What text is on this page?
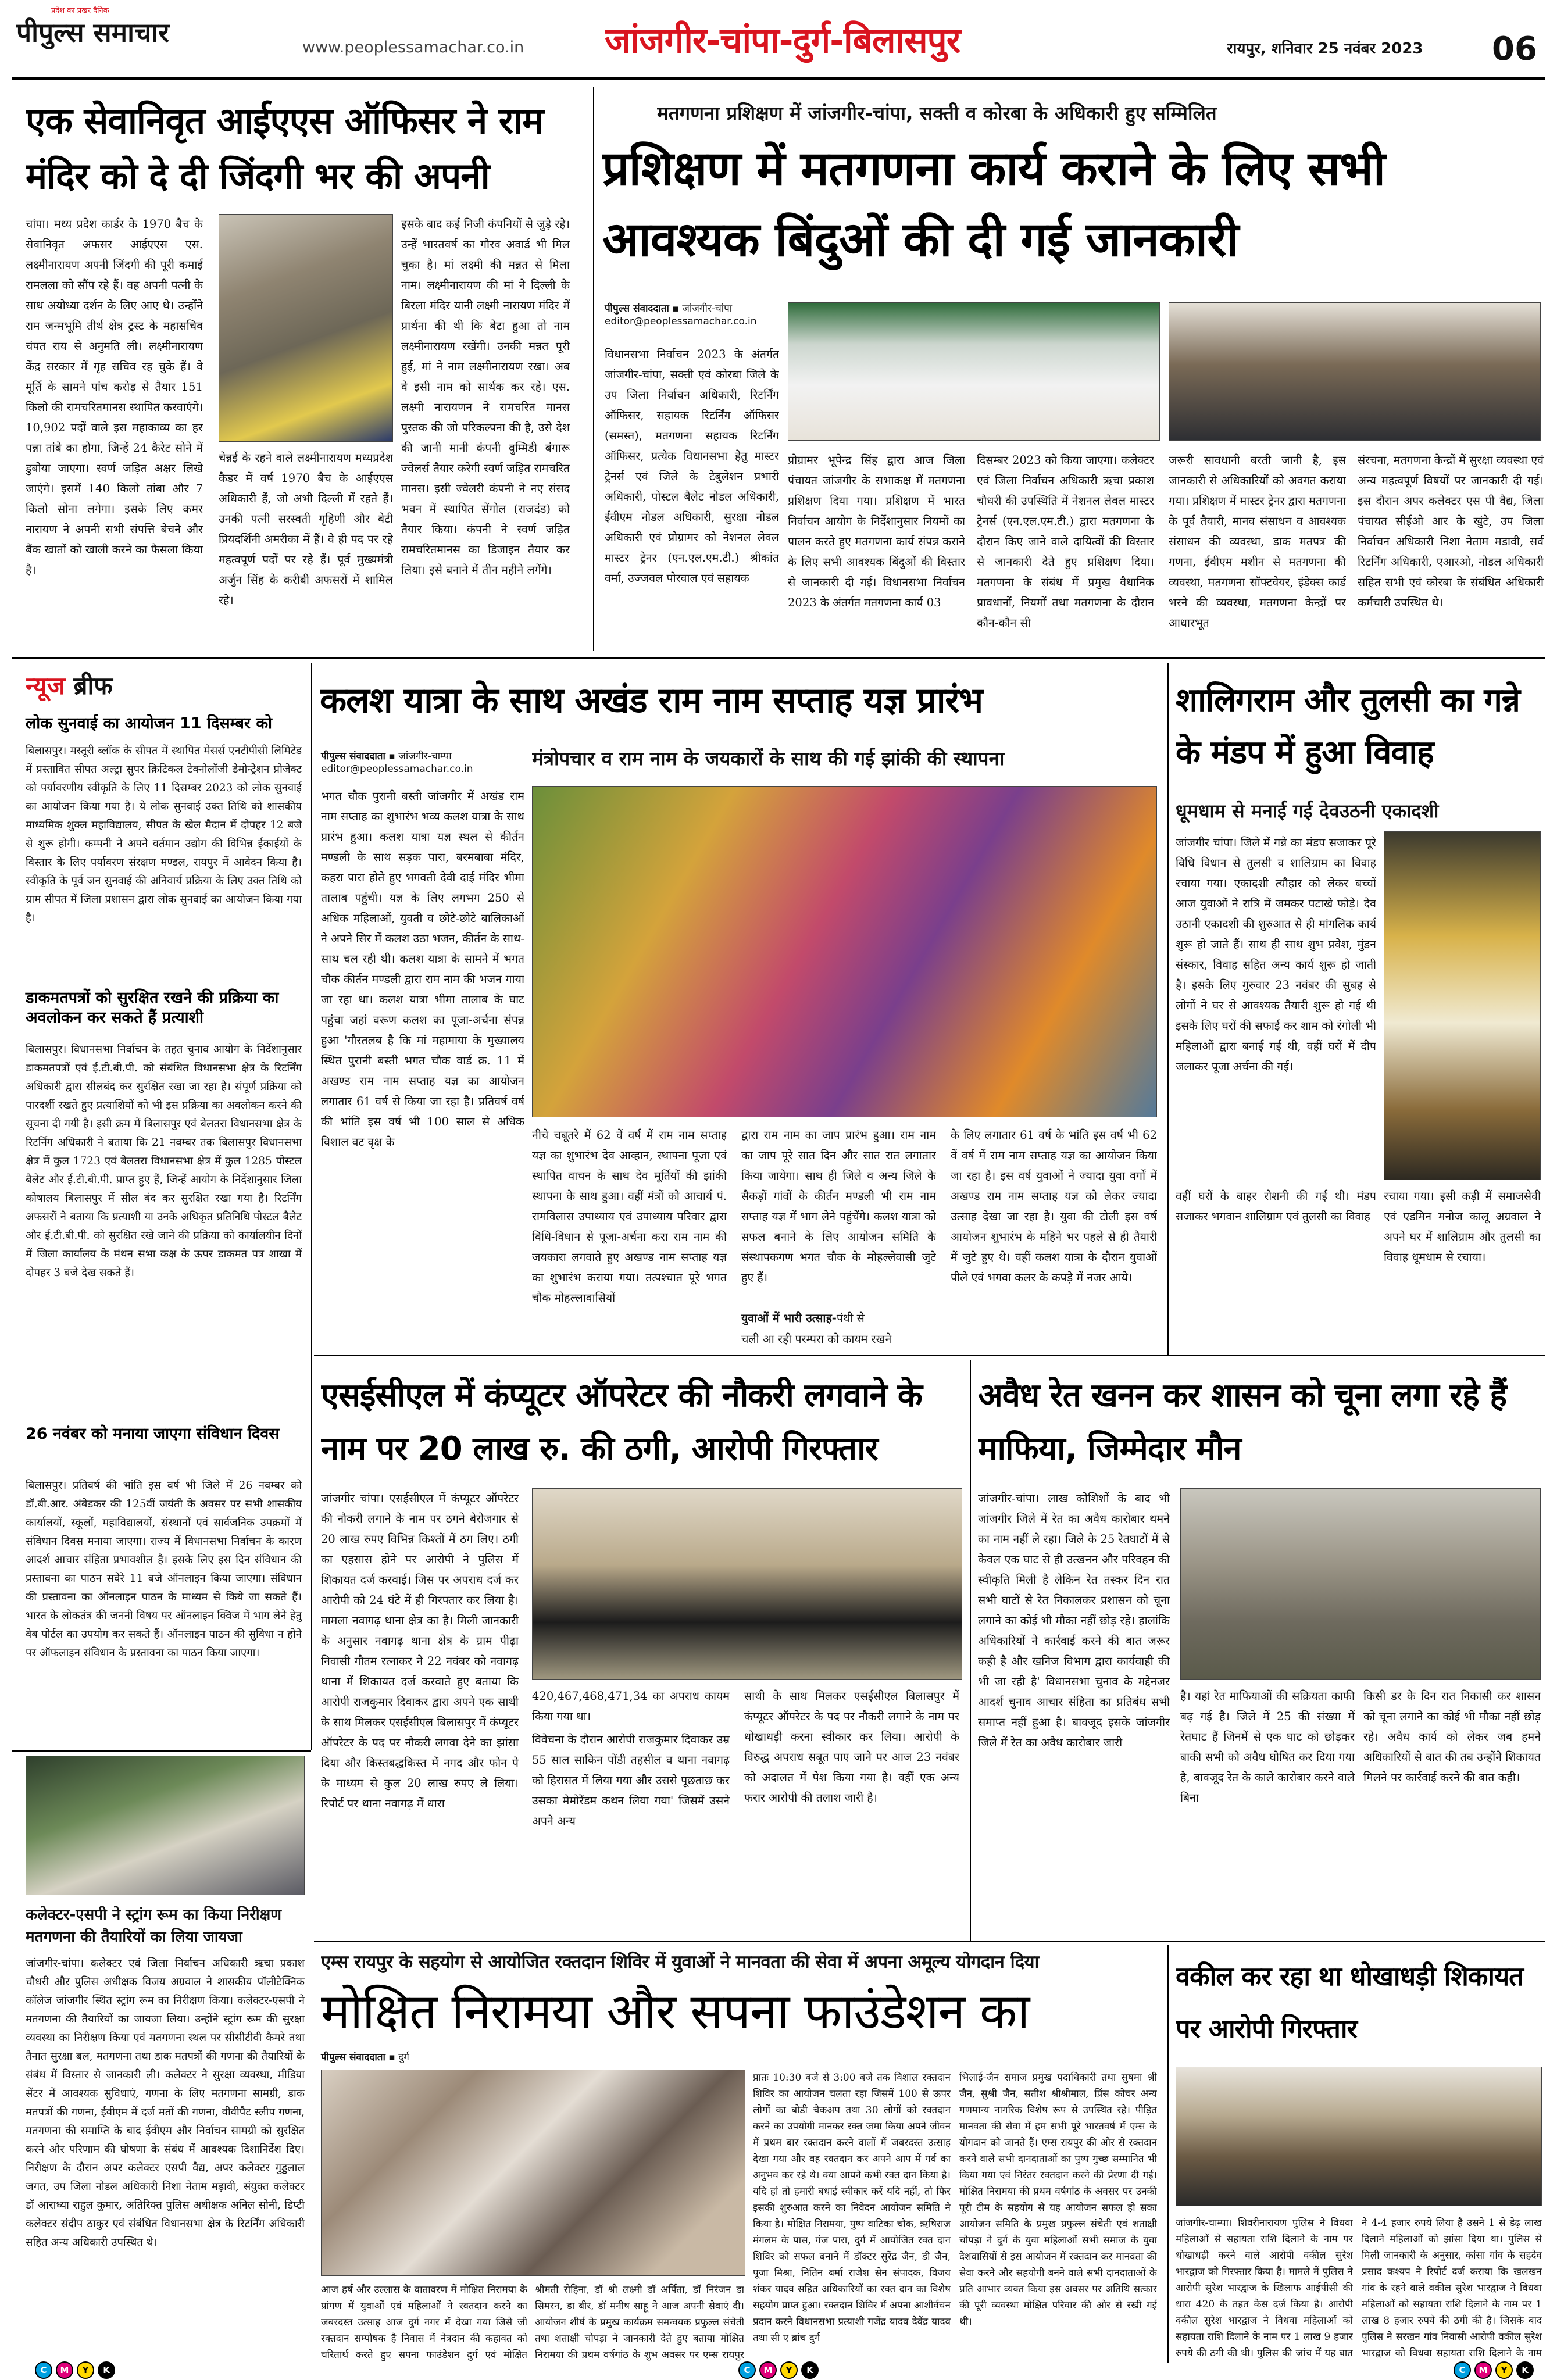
प्रदेश का प्रखर दैनिक
पीपुल्स समाचार	www.peoplessamachar.co.in	जांजगीर-चांपा-दुर्ग-बिलासपुर	रायपुर, शनिवार 25 नवंबर 2023	06
एक सेवानिवृत आईएएस ऑफिसर ने राम मंदिर को दे दी जिंदगी भर की अपनी
चांपा। मध्य प्रदेश कार्डर के 1970 बैच के सेवानिवृत अफसर आईएएस एस. लक्ष्मीनारायण अपनी जिंदगी की पूरी कमाई रामलला को सौंप रहे हैं। वह अपनी पत्नी के साथ अयोध्या दर्शन के लिए आए थे। उन्होंने राम जन्मभूमि तीर्थ क्षेत्र ट्रस्ट के महासचिव चंपत राय से अनुमति ली। लक्ष्मीनारायण केंद्र सरकार में गृह सचिव रह चुके हैं। वे मूर्ति के सामने पांच करोड़ से तैयार 151 किलो की रामचरितमानस स्थापित करवाएंगे। 10,902 पदों वाले इस महाकाव्य का हर पन्ना तांबे का होगा, जिन्हें 24 कैरेट सोने में डुबोया जाएगा। स्वर्ण जड़ित अक्षर लिखे जाएंगे। इसमें 140 किलो तांबा और 7 किलो सोना लगेगा। इसके लिए कमर नारायण ने अपनी सभी संपत्ति बेचने और बैंक खातों को खाली करने का फैसला किया है।
चेन्नई के रहने वाले लक्ष्मीनारायण मध्यप्रदेश कैडर में वर्ष 1970 बैच के आईएएस अधिकारी हैं, जो अभी दिल्ली में रहते हैं। उनकी पत्नी सरस्वती गृहिणी और बेटी प्रियदर्शिनी अमरीका में हैं। वे ही पद पर रहे महत्वपूर्ण पदों पर रहे हैं। पूर्व मुख्यमंत्री अर्जुन सिंह के करीबी अफसरों में शामिल रहे।
इसके बाद कई निजी कंपनियों से जुड़े रहे। उन्हें भारतवर्ष का गौरव अवार्ड भी मिल चुका है। मां लक्ष्मी की मन्नत से मिला नाम। लक्ष्मीनारायण की मां ने दिल्ली के बिरला मंदिर यानी लक्ष्मी नारायण मंदिर में प्रार्थना की थी कि बेटा हुआ तो नाम लक्ष्मीनारायण रखेंगी। उनकी मन्नत पूरी हुई, मां ने नाम लक्ष्मीनारायण रखा। अब वे इसी नाम को सार्थक कर रहे। एस. लक्ष्मी नारायणन ने रामचरित मानस पुस्तक की जो परिकल्पना की है, उसे देश की जानी मानी कंपनी वुम्मिडी बंगारू ज्वेलर्स तैयार करेगी स्वर्ण जड़ित रामचरित मानस। इसी ज्वेलरी कंपनी ने नए संसद भवन में स्थापित सेंगोल (राजदंड) को तैयार किया। कंपनी ने स्वर्ण जड़ित रामचरितमानस का डिजाइन तैयार कर लिया। इसे बनाने में तीन महीने लगेंगे।
मतगणना प्रशिक्षण में जांजगीर-चांपा, सक्ती व कोरबा के अधिकारी हुए सम्मिलित
प्रशिक्षण में मतगणना कार्य कराने के लिए सभी आवश्यक बिंदुओं की दी गई जानकारी
पीपुल्स संवाददाता ▪ जांजगीर-चांपा
editor@peoplessamachar.co.in
विधानसभा निर्वाचन 2023 के अंतर्गत जांजगीर-चांपा, सक्ती एवं कोरबा जिले के उप जिला निर्वाचन अधिकारी, रिटर्निंग ऑफिसर, सहायक रिटर्निंग ऑफिसर (समस्त), मतगणना सहायक रिटर्निंग ऑफिसर, प्रत्येक विधानसभा हेतु मास्टर ट्रेनर्स एवं जिले के टेबुलेशन प्रभारी अधिकारी, पोस्टल बैलेट नोडल अधिकारी, ईवीएम नोडल अधिकारी, सुरक्षा नोडल अधिकारी एवं प्रोग्रामर को नेशनल लेवल मास्टर ट्रेनर (एन.एल.एम.टी.) श्रीकांत वर्मा, उज्जवल पोरवाल एवं सहायक
प्रोग्रामर भूपेन्द्र सिंह द्वारा आज जिला पंचायत जांजगीर के सभाकक्ष में मतगणना प्रशिक्षण दिया गया। प्रशिक्षण में भारत निर्वाचन आयोग के निर्देशानुसार नियमों का पालन करते हुए मतगणना कार्य संपन्न कराने के लिए सभी आवश्यक बिंदुओं की विस्तार से जानकारी दी गई। विधानसभा निर्वाचन 2023 के अंतर्गत मतगणना कार्य 03
दिसम्बर 2023 को किया जाएगा। कलेक्टर एवं जिला निर्वाचन अधिकारी ऋचा प्रकाश चौधरी की उपस्थिति में नेशनल लेवल मास्टर ट्रेनर्स (एन.एल.एम.टी.) द्वारा मतगणना के दौरान किए जाने वाले दायित्वों की विस्तार से जानकारी देते हुए प्रशिक्षण दिया। मतगणना के संबंध में प्रमुख वैधानिक प्रावधानों, नियमों तथा मतगणना के दौरान कौन-कौन सी
जरूरी सावधानी बरती जानी है, इस जानकारी से अधिकारियों को अवगत कराया गया। प्रशिक्षण में मास्टर ट्रेनर द्वारा मतगणना के पूर्व तैयारी, मानव संसाधन व आवश्यक संसाधन की व्यवस्था, डाक मतपत्र की गणना, ईवीएम मशीन से मतगणना की व्यवस्था, मतगणना सॉफ्टवेयर, इंडेक्स कार्ड भरने की व्यवस्था, मतगणना केन्द्रों पर आधारभूत
संरचना, मतगणना केन्द्रों में सुरक्षा व्यवस्था एवं अन्य महत्वपूर्ण विषयों पर जानकारी दी गई। इस दौरान अपर कलेक्टर एस पी वैद्य, जिला पंचायत सीईओ आर के खुंटे, उप जिला निर्वाचन अधिकारी निशा नेताम मडावी, सर्व रिटर्निंग अधिकारी, एआरओ, नोडल अधिकारी सहित सभी एवं कोरबा के संबंधित अधिकारी कर्मचारी उपस्थित थे।
न्यूज ब्रीफ
लोक सुनवाई का आयोजन 11 दिसम्बर को
बिलासपुर। मस्तूरी ब्लॉक के सीपत में स्थापित मेसर्स एनटीपीसी लिमिटेड में प्रस्तावित सीपत अल्ट्रा सुपर क्रिटिकल टेक्नोलॉजी डेमोन्ट्रेशन प्रोजेक्ट को पर्यावरणीय स्वीकृति के लिए 11 दिसम्बर 2023 को लोक सुनवाई का आयोजन किया गया है। ये लोक सुनवाई उक्त तिथि को शासकीय माध्यमिक शुक्ल महाविद्यालय, सीपत के खेल मैदान में दोपहर 12 बजे से शुरू होगी। कम्पनी ने अपने वर्तमान उद्योग की विभिन्न ईकाईयों के विस्तार के लिए पर्यावरण संरक्षण मण्डल, रायपुर में आवेदन किया है। स्वीकृति के पूर्व जन सुनवाई की अनिवार्य प्रक्रिया के लिए उक्त तिथि को ग्राम सीपत में जिला प्रशासन द्वारा लोक सुनवाई का आयोजन किया गया है।
डाकमतपत्रों को सुरक्षित रखने की प्रक्रिया का अवलोकन कर सकते हैं प्रत्याशी
बिलासपुर। विधानसभा निर्वाचन के तहत चुनाव आयोग के निर्देशानुसार डाकमतपत्रों एवं ई.टी.बी.पी. को संबंधित विधानसभा क्षेत्र के रिटर्निंग अधिकारी द्वारा सीलबंद कर सुरक्षित रखा जा रहा है। संपूर्ण प्रक्रिया को पारदर्शी रखते हुए प्रत्याशियों को भी इस प्रक्रिया का अवलोकन करने की सूचना दी गयी है। इसी क्रम में बिलासपुर एवं बेलतरा विधानसभा क्षेत्र के रिटर्निंग अधिकारी ने बताया कि 21 नवम्बर तक बिलासपुर विधानसभा क्षेत्र में कुल 1723 एवं बेलतरा विधानसभा क्षेत्र में कुल 1285 पोस्टल बैलेट और ई.टी.बी.पी. प्राप्त हुए हैं, जिन्हें आयोग के निर्देशानुसार जिला कोषालय बिलासपुर में सील बंद कर सुरक्षित रखा गया है। रिटर्निंग अफसरों ने बताया कि प्रत्याशी या उनके अधिकृत प्रतिनिधि पोस्टल बैलेट और ई.टी.बी.पी. को सुरक्षित रखे जाने की प्रक्रिया को कार्यालयीन दिनों में जिला कार्यालय के मंथन सभा कक्ष के ऊपर डाकमत पत्र शाखा में दोपहर 3 बजे देख सकते हैं।
26 नवंबर को मनाया जाएगा संविधान दिवस
बिलासपुर। प्रतिवर्ष की भांति इस वर्ष भी जिले में 26 नवम्बर को डॉ.बी.आर. अंबेडकर की 125वीं जयंती के अवसर पर सभी शासकीय कार्यालयों, स्कूलों, महाविद्यालयों, संस्थानों एवं सार्वजनिक उपक्रमों में संविधान दिवस मनाया जाएगा। राज्य में विधानसभा निर्वाचन के कारण आदर्श आचार संहिता प्रभावशील है। इसके लिए इस दिन संविधान की प्रस्तावना का पाठन सवेरे 11 बजे ऑनलाइन किया जाएगा। संविधान की प्रस्तावना का ऑनलाइन पाठन के माध्यम से किये जा सकते हैं। भारत के लोकतंत्र की जननी विषय पर ऑनलाइन क्विज में भाग लेने हेतु वेब पोर्टल का उपयोग कर सकते हैं। ऑनलाइन पाठन की सुविधा न होने पर ऑफलाइन संविधान के प्रस्तावना का पाठन किया जाएगा।
कलश यात्रा के साथ अखंड राम नाम सप्ताह यज्ञ प्रारंभ
पीपुल्स संवाददाता ▪ जांजगीर-चाम्पा
editor@peoplessamachar.co.in	मंत्रोपचार व राम नाम के जयकारों के साथ की गई झांकी की स्थापना
भगत चौक पुरानी बस्ती जांजगीर में अखंड राम नाम सप्ताह का शुभारंभ भव्य कलश यात्रा के साथ प्रारंभ हुआ। कलश यात्रा यज्ञ स्थल से कीर्तन मण्डली के साथ सड़क पारा, बरमबाबा मंदिर, कहरा पारा होते हुए भगवती देवी दाई मंदिर भीमा तालाब पहुंची। यज्ञ के लिए लगभग 250 से अधिक महिलाओं, युवती व छोटे-छोटे बालिकाओं ने अपने सिर में कलश उठा भजन, कीर्तन के साथ-साथ चल रही थी। कलश यात्रा के सामने में भगत चौक कीर्तन मण्डली द्वारा राम नाम की भजन गाया जा रहा था। कलश यात्रा भीमा तालाब के घाट पहुंचा जहां वरूण कलश का पूजा-अर्चना संपन्न हुआ 'गौरतलब है कि मां महामाया के मुख्यालय स्थित पुरानी बस्ती भगत चौक वार्ड क्र. 11 में अखण्ड राम नाम सप्ताह यज्ञ का आयोजन लगातार 61 वर्ष से किया जा रहा है। प्रतिवर्ष वर्ष की भांति इस वर्ष भी 100 साल से अधिक विशाल वट वृक्ष के
नीचे चबूतरे में 62 वें वर्ष में राम नाम सप्ताह यज्ञ का शुभारंभ देव आव्हान, स्थापना पूजा एवं स्थापित वाचन के साथ देव मूर्तियों की झांकी स्थापना के साथ हुआ। वहीं मंत्रों को आचार्य पं. रामविलास उपाध्याय एवं उपाध्याय परिवार द्वारा विधि-विधान से पूजा-अर्चना करा राम नाम की जयकारा लगवाते हुए अखण्ड नाम सप्ताह यज्ञ का शुभारंभ कराया गया। तत्पश्चात पूरे भगत चौक मोहल्लावासियों
द्वारा राम नाम का जाप प्रारंभ हुआ। राम नाम का जाप पूरे सात दिन और सात रात लगातार किया जायेगा। साथ ही जिले व अन्य जिले के सैकड़ों गांवों के कीर्तन मण्डली भी राम नाम सप्ताह यज्ञ में भाग लेने पहुंचेंगे। कलश यात्रा को सफल बनाने के लिए आयोजन समिति के संस्थापकगण भगत चौक के मोहल्लेवासी जुटे हुए हैं।
युवाओं में भारी उत्साह-पंथी से
चली आ रही परम्परा को कायम रखने
के लिए लगातार 61 वर्ष के भांति इस वर्ष भी 62 वें वर्ष में राम नाम सप्ताह यज्ञ का आयोजन किया जा रहा है। इस वर्ष युवाओं ने ज्यादा युवा वर्गों में अखण्ड राम नाम सप्ताह यज्ञ को लेकर ज्यादा उत्साह देखा जा रहा है। युवा की टोली इस वर्ष आयोजन शुभारंभ के महिने भर पहले से ही तैयारी में जुटे हुए थे। वहीं कलश यात्रा के दौरान युवाओं पीले एवं भगवा कलर के कपड़े में नजर आये।
शालिगराम और तुलसी का गन्ने के मंडप में हुआ विवाह
धूमधाम से मनाई गई देवउठनी एकादशी
जांजगीर चांपा। जिले में गन्ने का मंडप सजाकर पूरे विधि विधान से तुलसी व शालिग्राम का विवाह रचाया गया। एकादशी त्यौहार को लेकर बच्चों आज युवाओं ने रात्रि में जमकर पटाखे फोड़े। देव उठानी एकादशी की शुरुआत से ही मांगलिक कार्य शुरू हो जाते हैं। साथ ही साथ शुभ प्रवेश, मुंडन संस्कार, विवाह सहित अन्य कार्य शुरू हो जाती है। इसके लिए गुरुवार 23 नवंबर की सुबह से लोगों ने घर से आवश्यक तैयारी शुरू हो गई थी इसके लिए घरों की सफाई कर शाम को रंगोली भी महिलाओं द्वारा बनाई गई थी, वहीं घरों में दीप जलाकर पूजा अर्चना की गई।
वहीं घरों के बाहर रोशनी की गई थी। मंडप सजाकर भगवान शालिग्राम एवं तुलसी का विवाह
रचाया गया। इसी कड़ी में समाजसेवी एवं एडमिन मनोज कालू अग्रवाल ने अपने घर में शालिग्राम और तुलसी का विवाह धूमधाम से रचाया।
एसईसीएल में कंप्यूटर ऑपरेटर की नौकरी लगवाने के नाम पर 20 लाख रु. की ठगी, आरोपी गिरफ्तार
जांजगीर चांपा। एसईसीएल में कंप्यूटर ऑपरेटर की नौकरी लगाने के नाम पर ठगने बेरोजगार से 20 लाख रुपए विभिन्न किश्तों में ठग लिए। ठगी का एहसास होने पर आरोपी ने पुलिस में शिकायत दर्ज करवाई। जिस पर अपराध दर्ज कर आरोपी को 24 घंटे में ही गिरफ्तार कर लिया है। मामला नवागढ़ थाना क्षेत्र का है। मिली जानकारी के अनुसार नवागढ़ थाना क्षेत्र के ग्राम पीढ़ा निवासी गौतम रत्नाकर ने 22 नवंबर को नवागढ़ थाना में शिकायत दर्ज करवाते हुए बताया कि आरोपी राजकुमार दिवाकर द्वारा अपने एक साथी के साथ मिलकर एसईसीएल बिलासपुर में कंप्यूटर ऑपरेटर के पद पर नौकरी लगवा देने का झांसा दिया और किस्तबद्धकिस्त में नगद और फोन पे के माध्यम से कुल 20 लाख रुपए ले लिया। रिपोर्ट पर थाना नवागढ़ में धारा
420,467,468,471,34 का अपराध कायम किया गया था।
विवेचना के दौरान आरोपी राजकुमार दिवाकर उम्र 55 साल साकिन पोंडी तहसील व थाना नवागढ़ को हिरासत में लिया गया और उससे पूछताछ कर उसका मेमोरेंडम कथन लिया गया' जिसमें उसने अपने अन्य
साथी के साथ मिलकर एसईसीएल बिलासपुर में कंप्यूटर ऑपरेटर के पद पर नौकरी लगाने के नाम पर धोखाधड़ी करना स्वीकार कर लिया। आरोपी के विरुद्ध अपराध सबूत पाए जाने पर आज 23 नवंबर को अदालत में पेश किया गया है। वहीं एक अन्य फरार आरोपी की तलाश जारी है।
अवैध रेत खनन कर शासन को चूना लगा रहे हैं माफिया, जिम्मेदार मौन
जांजगीर-चांपा। लाख कोशिशों के बाद भी जांजगीर जिले में रेत का अवैध कारोबार थमने का नाम नहीं ले रहा। जिले के 25 रेतघाटों में से केवल एक घाट से ही उत्खनन और परिवहन की स्वीकृति मिली है लेकिन रेत तस्कर दिन रात सभी घाटों से रेत निकालकर प्रशासन को चूना लगाने का कोई भी मौका नहीं छोड़ रहे। हालांकि अधिकारियों ने कार्रवाई करने की बात जरूर कही है और खनिज विभाग द्वारा कार्यवाही की भी जा रही है' विधानसभा चुनाव के मद्देनजर आदर्श चुनाव आचार संहिता का प्रतिबंध सभी समाप्त नहीं हुआ है। बावजूद इसके जांजगीर जिले में रेत का अवैध कारोबार जारी
है। यहां रेत माफियाओं की सक्रियता काफी बढ़ गई है। जिले में 25 की संख्या में रेतघाट हैं जिनमें से एक घाट को छोड़कर बाकी सभी को अवैध घोषित कर दिया गया है, बावजूद रेत के काले कारोबार करने वाले बिना
किसी डर के दिन रात निकासी कर शासन को चूना लगाने का कोई भी मौका नहीं छोड़ रहे। अवैध कार्य को लेकर जब हमने अधिकारियों से बात की तब उन्होंने शिकायत मिलने पर कार्रवाई करने की बात कही।
कलेक्टर-एसपी ने स्ट्रांग रूम का किया निरीक्षण मतगणना की तैयारियों का लिया जायजा
जांजगीर-चांपा। कलेक्टर एवं जिला निर्वाचन अधिकारी ऋचा प्रकाश चौधरी और पुलिस अधीक्षक विजय अग्रवाल ने शासकीय पॉलीटेक्निक कॉलेज जांजगीर स्थित स्ट्रांग रूम का निरीक्षण किया। कलेक्टर-एसपी ने मतगणना की तैयारियों का जायजा लिया। उन्होंने स्ट्रांग रूम की सुरक्षा व्यवस्था का निरीक्षण किया एवं मतगणना स्थल पर सीसीटीवी कैमरे तथा तैनात सुरक्षा बल, मतगणना तथा डाक मतपत्रों की गणना की तैयारियों के संबंध में विस्तार से जानकारी ली। कलेक्टर ने सुरक्षा व्यवस्था, मीडिया सेंटर में आवश्यक सुविधाएं, गणना के लिए मतगणना सामग्री, डाक मतपत्रों की गणना, ईवीएम में दर्ज मतों की गणना, वीवीपैट स्लीप गणना, मतगणना की समाप्ति के बाद ईवीएम और निर्वाचन सामग्री को सुरक्षित करने और परिणाम की घोषणा के संबंध में आवश्यक दिशानिर्देश दिए। निरीक्षण के दौरान अपर कलेक्टर एसपी वैद्य, अपर कलेक्टर गुड्डलाल जगत, उप जिला नोडल अधिकारी निशा नेताम मड़ावी, संयुक्त कलेक्टर डॉ आराध्या राहुल कुमार, अतिरिक्त पुलिस अधीक्षक अनिल सोनी, डिप्टी कलेक्टर संदीप ठाकुर एवं संबंधित विधानसभा क्षेत्र के रिटर्निंग अधिकारी सहित अन्य अधिकारी उपस्थित थे।
एम्स रायपुर के सहयोग से आयोजित रक्तदान शिविर में युवाओं ने मानवता की सेवा में अपना अमूल्य योगदान दिया
मोक्षित निरामया और सपना फाउंडेशन का
पीपुल्स संवाददाता ▪ दुर्ग
आज हर्ष और उल्लास के वातावरण में मोक्षित निरामया के प्रांगण में युवाओं एवं महिलाओं ने रक्तदान करने का जबरदस्त उत्साह आज दुर्ग नगर में देखा गया जिसे जी रक्तदान सम्पोषक है निवास में नेत्रदान की कहावत को चरितार्थ करते हुए सपना फाउंडेशन दुर्ग एवं मोक्षित
श्रीमती रोहिना, डॉ श्री लक्ष्मी डॉ अर्पिता, डॉ निरंजन डा सिमरन, डा बीर, डॉ मनीष साहू ने आज अपनी सेवाएं दी। आयोजन शीर्ष के प्रमुख कार्यक्रम समन्वयक प्रफुल्ल संचेती तथा शताक्षी चोपड़ा ने जानकारी देते हुए बताया मोक्षित निरामया की प्रथम वर्षगांठ के शुभ अवसर पर एम्स रायपुर
प्रातः 10:30 बजे से 3:00 बजे तक विशाल रक्तदान शिविर का आयोजन चलता रहा जिसमें 100 से ऊपर लोगों का बोडी चैकअप तथा 30 लोगों को रक्तदान करने का उपयोगी मानकर रक्त जमा किया अपने जीवन में प्रथम बार रक्तदान करने वालों में जबरदस्त उत्साह देखा गया और वह रक्तदान कर अपने आप में गर्व का अनुभव कर रहे थे। क्या आपने कभी रक्त दान किया है। यदि हां तो हमारी बधाई स्वीकार करें यदि नहीं, तो फिर इसकी शुरुआत करने का निवेदन आयोजन समिति ने किया है। मोक्षित निरामया, पुष्प वाटिका चौक, ऋषिराज मंगलम के पास, गंज पारा, दुर्ग में आयोजित रक्त दान शिविर को सफल बनाने में डॉक्टर सुरेंद्र जैन, डी जैन, पूजा मिश्रा, नितिन बर्मा राजेश सेन संपादक, विजय शंकर यादव सहित अधिकारियों का रक्त दान का विशेष सहयोग प्राप्त हुआ। रक्तदान शिविर में अपना आशीर्वचन प्रदान करने विधानसभा प्रत्याशी गजेंद्र यादव देवेंद्र यादव तथा सी ए ब्रांच दुर्ग
भिलाई-जैन समाज प्रमुख पदाधिकारी तथा सुषमा श्री जैन, सुश्री जैन, सतीश श्रीश्रीमाल, प्रिंस कोचर अन्य गणमान्य नागरिक विशेष रूप से उपस्थित रहे। पीड़ित मानवता की सेवा में हम सभी पूरे भारतवर्ष में एम्स के योगदान को जानते हैं। एम्स रायपुर की ओर से रक्तदान करने वाले सभी दानदाताओं का पुष्प गुच्छ सम्मानित भी किया गया एवं निरंतर रक्तदान करने की प्रेरणा दी गई। मोक्षित निरामया की प्रथम वर्षगांठ के अवसर पर उनकी पूरी टीम के सहयोग से यह आयोजन सफल हो सका आयोजन समिति के प्रमुख प्रफुल्ल संचेती एवं शताक्षी चोपड़ा ने दुर्ग के युवा महिलाओं सभी समाज के युवा देशवासियों से इस आयोजन में रक्तदान कर मानवता की सेवा करने और सहयोगी बनने वाले सभी दानदाताओं के प्रति आभार व्यक्त किया इस अवसर पर अतिथि सत्कार की पूरी व्यवस्था मोक्षित परिवार की ओर से रखी गई थी।
वकील कर रहा था धोखाधड़ी शिकायत पर आरोपी गिरफ्तार
जांजगीर-चाम्पा। शिवरीनारायण पुलिस ने विधवा महिलाओं से सहायता राशि दिलाने के नाम पर धोखाधड़ी करने वाले आरोपी वकील सुरेश भारद्वाज को गिरफ्तार किया है। मामले में पुलिस ने आरोपी सुरेश भारद्वाज के खिलाफ आईपीसी की धारा 420 के तहत केस दर्ज किया है। आरोपी वकील सुरेश भारद्वाज ने विधवा महिलाओं को सहायता राशि दिलाने के नाम पर 1 लाख 9 हजार रुपये की ठगी की थी। पुलिस की जांच में यह बात
ने 4-4 हजार रुपये लिया है उसने 1 से डेढ़ लाख दिलाने महिलाओं को झांसा दिया था। पुलिस से मिली जानकारी के अनुसार, कांसा गांव के सहदेव प्रसाद कश्यप ने रिपोर्ट दर्ज कराया कि खलखन गांव के रहने वाले वकील सुरेश भारद्वाज ने विधवा महिलाओं को सहायता राशि दिलाने के नाम पर 1 लाख 8 हजार रुपये की ठगी की है। जिसके बाद पुलिस ने सरखन गांव निवासी आरोपी वकील सुरेश भारद्वाज को विधवा सहायता राशि दिलाने के नाम
C	M	Y	K	C	M	Y	K	C	M	Y	K
